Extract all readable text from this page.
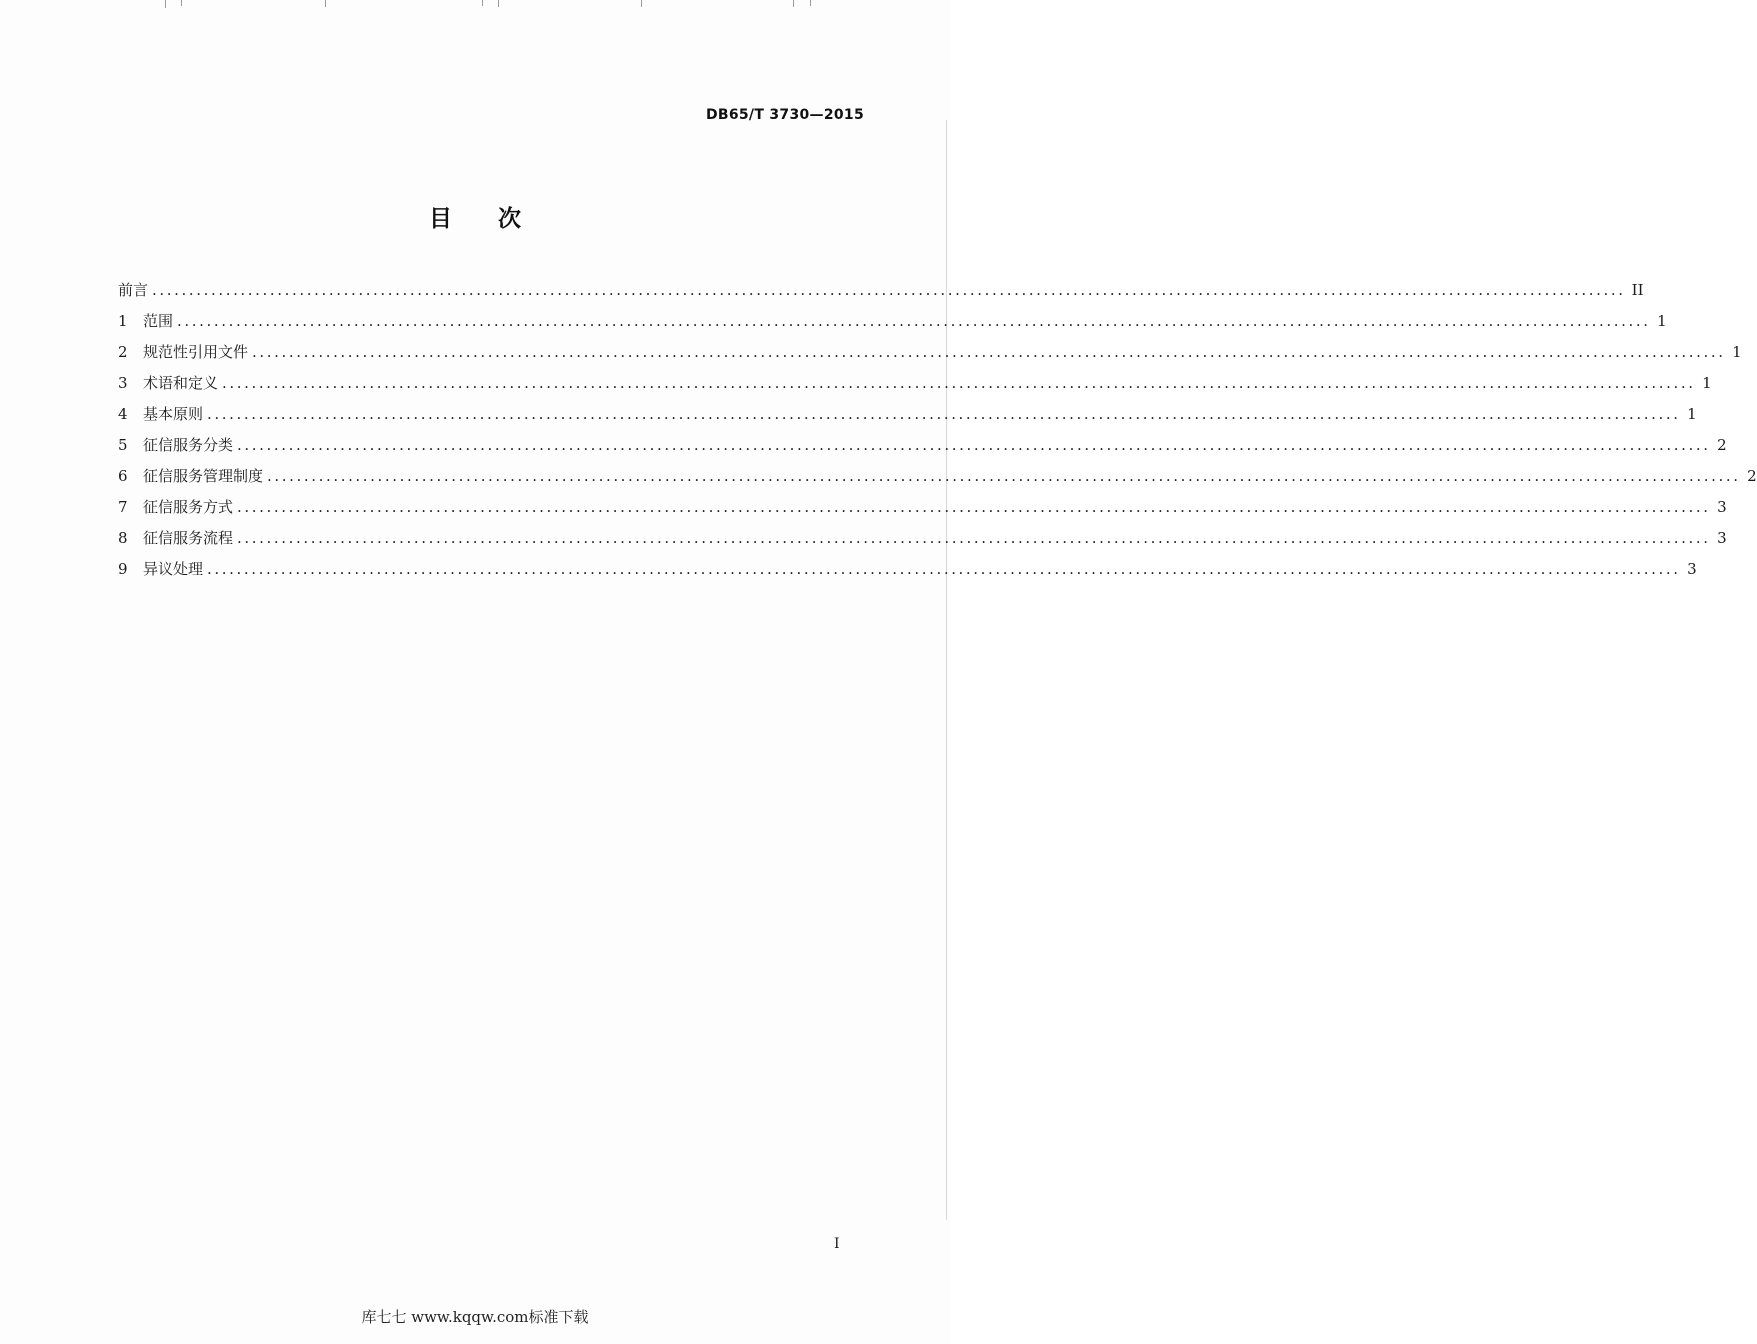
DB65/T 3730—2015
目 次
前言 ........................................................................................................................................................................................................ II
1	范围 ........................................................................................................................................................................................................ 1
2	规范性引用文件 ........................................................................................................................................................................................................ 1
3	术语和定义 ........................................................................................................................................................................................................ 1
4	基本原则 ........................................................................................................................................................................................................ 1
5	征信服务分类 ........................................................................................................................................................................................................ 2
6	征信服务管理制度 ........................................................................................................................................................................................................ 2
7	征信服务方式 ........................................................................................................................................................................................................ 3
8	征信服务流程 ........................................................................................................................................................................................................ 3
9	异议处理 ........................................................................................................................................................................................................ 3
I
库七七 www.kqqw.com标准下载
